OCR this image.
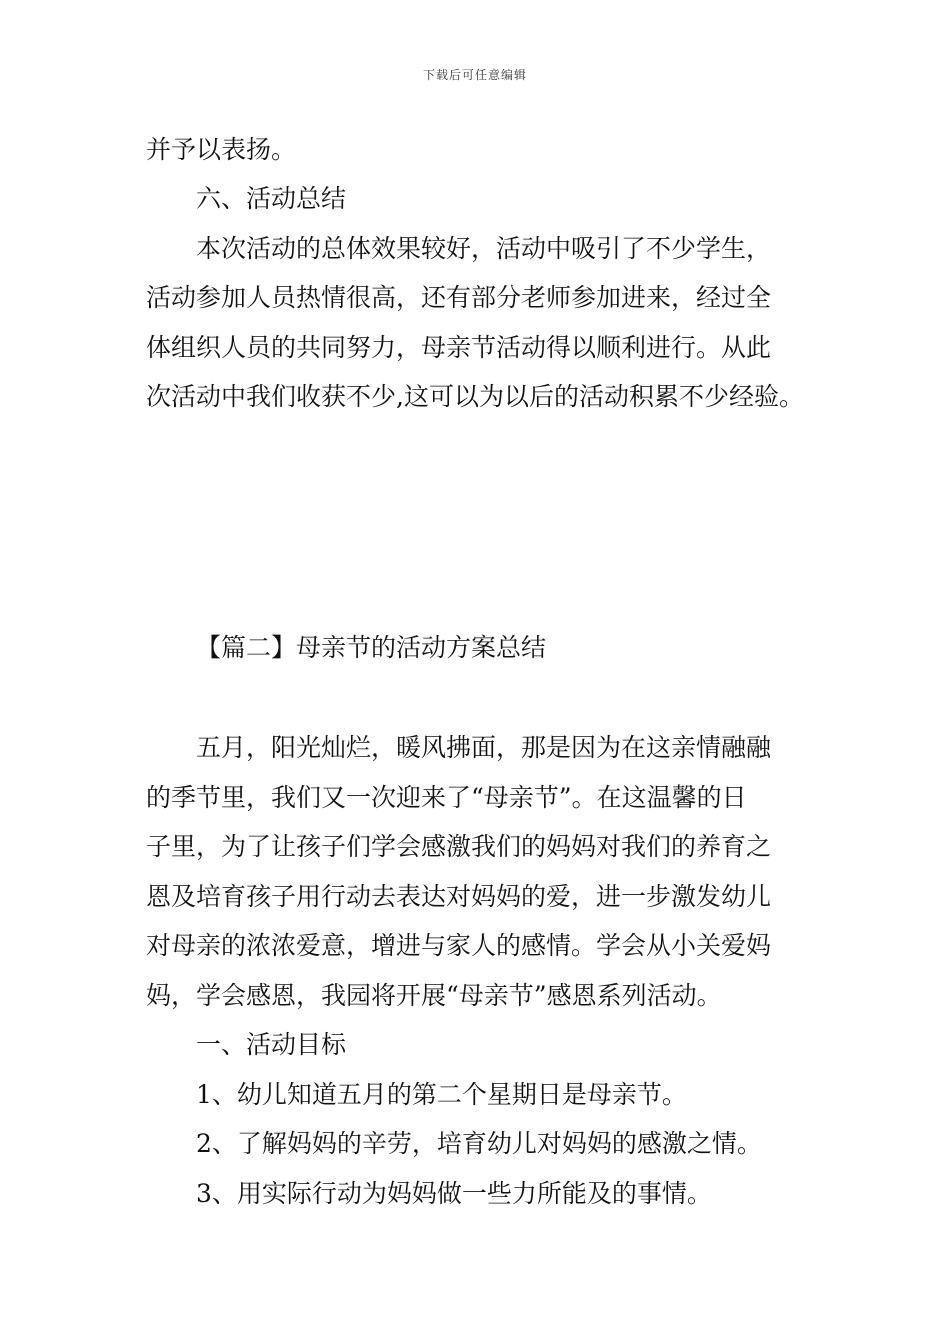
下载后可任意编辑
并予以表扬。
六、活动总结
本次活动的总体效果较好，活动中吸引了不少学生，
活动参加人员热情很高，还有部分老师参加进来，经过全
体组织人员的共同努力，母亲节活动得以顺利进行。从此
次活动中我们收获不少,这可以为以后的活动积累不少经验。
【篇二】母亲节的活动方案总结
五月，阳光灿烂，暖风拂面，那是因为在这亲情融融
的季节里，我们又一次迎来了“母亲节”。在这温馨的日
子里，为了让孩子们学会感激我们的妈妈对我们的养育之
恩及培育孩子用行动去表达对妈妈的爱，进一步激发幼儿
对母亲的浓浓爱意，增进与家人的感情。学会从小关爱妈
妈，学会感恩，我园将开展“母亲节”感恩系列活动。
一、活动目标
1、幼儿知道五月的第二个星期日是母亲节。
2、了解妈妈的辛劳，培育幼儿对妈妈的感激之情。
3、用实际行动为妈妈做一些力所能及的事情。
